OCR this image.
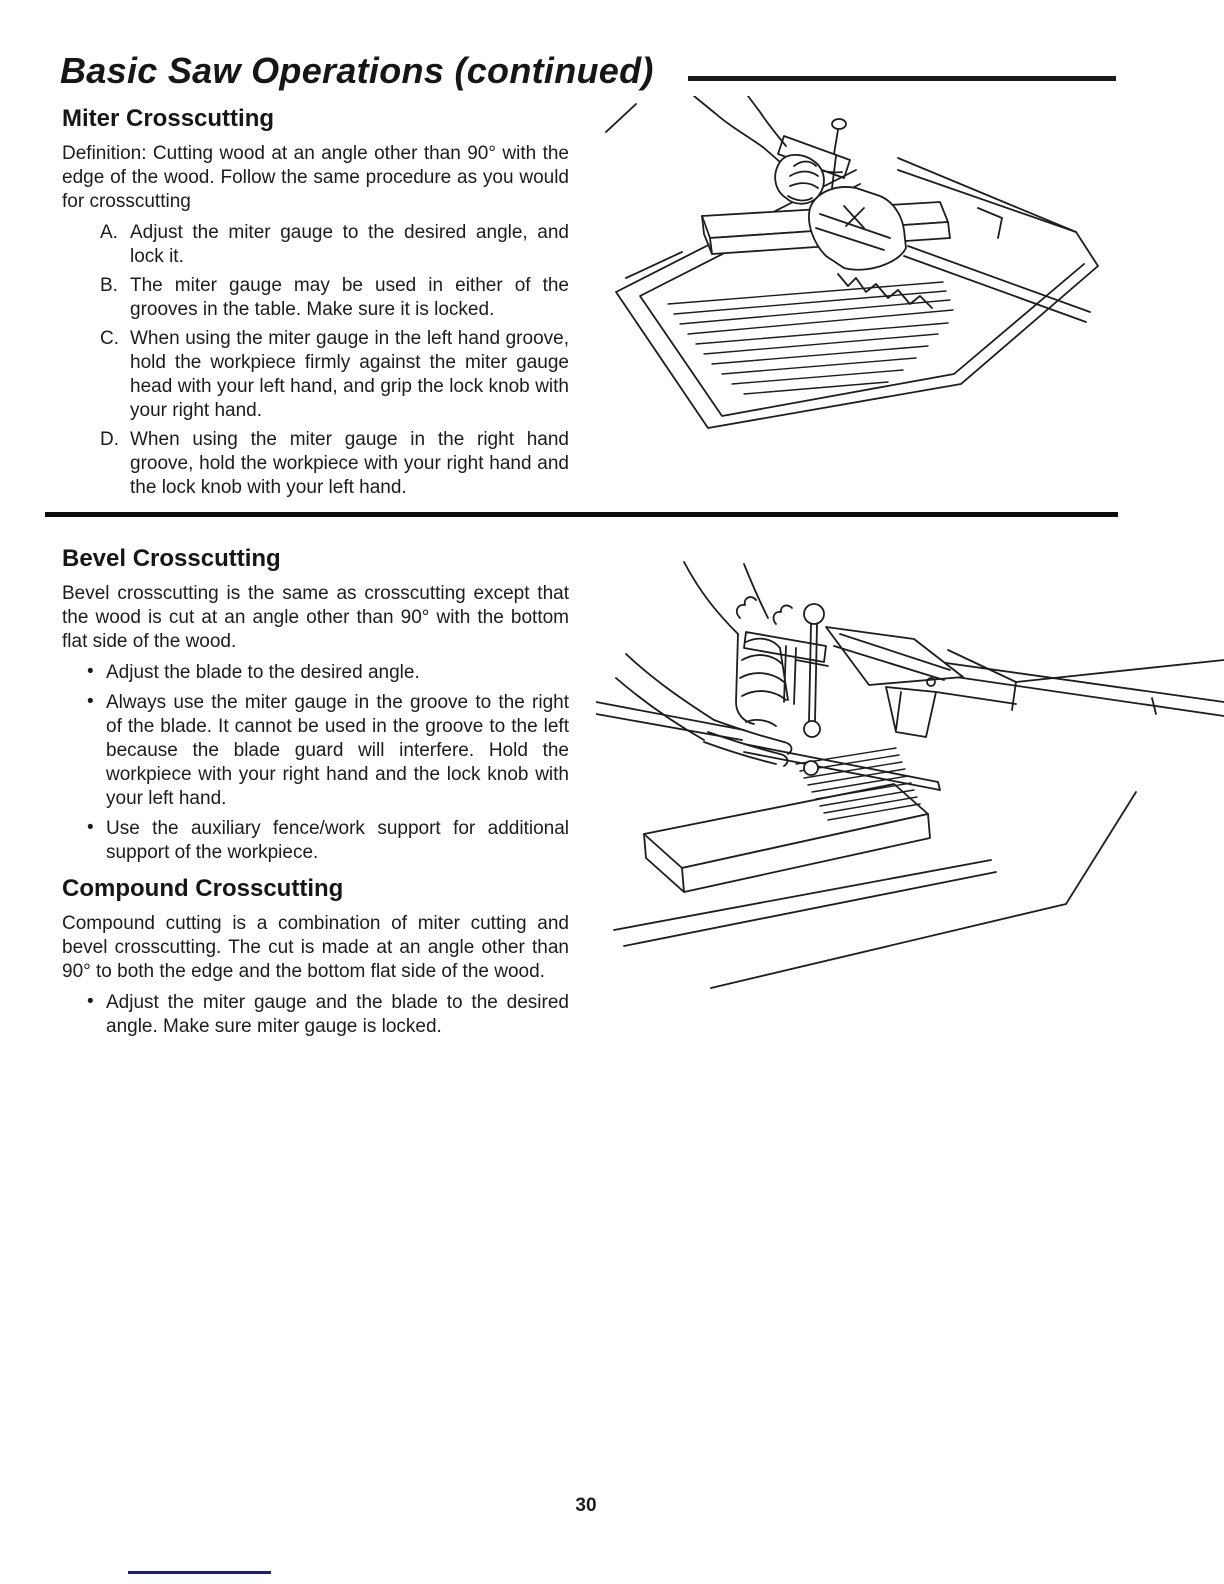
Basic Saw Operations (continued)
Miter Crosscutting

Definition: Cutting wood at an angle other than 90° with the edge of the wood. Follow the same procedure as you would for crosscutting

A. Adjust the miter gauge to the desired angle, and lock it.
B. The miter gauge may be used in either of the grooves in the table. Make sure it is locked.
C. When using the miter gauge in the left hand groove, hold the workpiece firmly against the miter gauge head with your left hand, and grip the lock knob with your right hand.
D. When using the miter gauge in the right hand groove, hold the workpiece with your right hand and the lock knob with your left hand.
Bevel Crosscutting

Bevel crosscutting is the same as crosscutting except that the wood is cut at an angle other than 90° with the bottom flat side of the wood.

• Adjust the blade to the desired angle.
• Always use the miter gauge in the groove to the right of the blade. It cannot be used in the groove to the left because the blade guard will interfere. Hold the workpiece with your right hand and the lock knob with your left hand.
• Use the auxiliary fence/work support for additional support of the workpiece.
Compound Crosscutting

Compound cutting is a combination of miter cutting and bevel crosscutting. The cut is made at an angle other than 90° to both the edge and the bottom flat side of the wood.

• Adjust the miter gauge and the blade to the desired angle. Make sure miter gauge is locked.
30
